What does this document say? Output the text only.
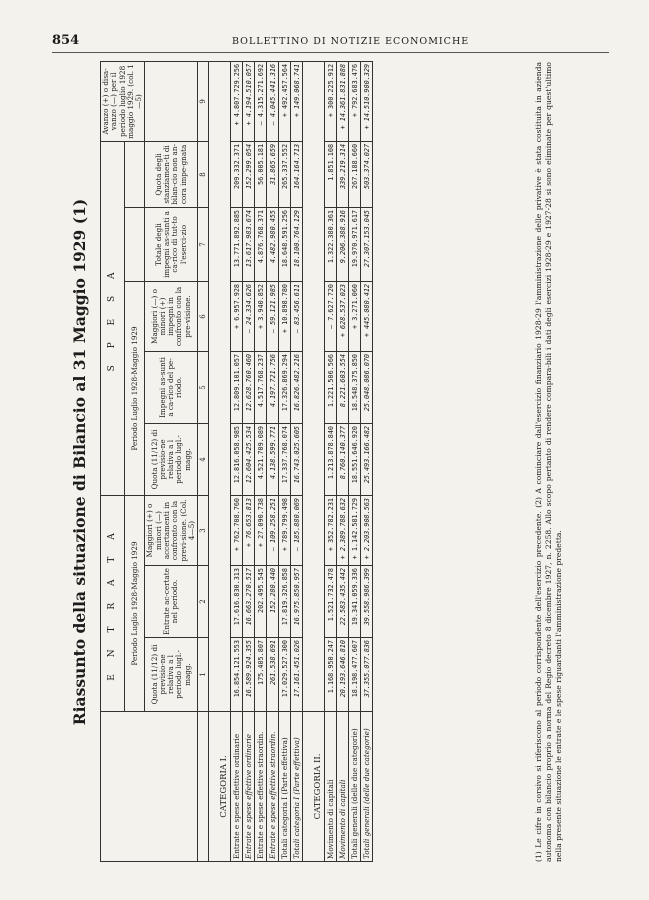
854	BOLLETTINO DI NOTIZIE ECONOMICHE
Riassunto della situazione di Bilancio al 31 Maggio 1929 (1)
	E N T R A T A			S P E S A					Avanzo (+) o disa-vanzo (—) per il periodo luglio 1928 maggio 1929. (col. 1—5)
	Periodo Luglio 1928-Maggio 1929			Periodo Luglio 1928-Maggio 1929					
	Quota (11/12) di previsio-ne relativa a l periodo lugl.-magg.	Entrate ac-certate nel periodo.	Maggiori (+) o minori (—) accertamenti in confronto con la previ-sione. (Col. 4—5)	Quota (11/12) di previsio-ne relativa a l periodo lugl.-magg.	Impegni as-sunti a ca-rico del pe-riodo.	Maggiori (—) o minori (+) impegni in confronto con la pre-visione.	Totale degli impegni as-sunti a ca-rico di tut-to l'eserci-zio	Quota degli stanziamen-ti di bilan-cio non an-cora impe-gnata	
	1	2	3	4	5	6	7	8	9
CATEGORIA I.									
Entrate e spese effettive ordinarie	16.854.121.553	17.616.830.313	+ 762.708.760	12.816.058.985	12.809.101.057	+ 6.957.928	13.771.892.885	209.332.371	+ 4.807.729.256
Entrate e spese effettive ordinarie	16.589.924.355	16.663.270.517	+ 76.653.813	12.604.425.534	12.628.760.460	— 24.334.626	13.617.983.674	152.299.054	+ 4.194.510.057
Entrate e spese effettive straordin.	175.405.807	202.495.545	+ 27.090.738	4.521.709.089	4.517.768.237	+ 3.940.852	4.876.768.371	56.005.181	— 4.315.271.692
Entrate e spese effettive straordin.	261.538.691	152.280.440	— 109.258.251	4.138.599.771	4.197.721.756	— 59.121.985	4.482.980.455	31.865.659	— 4.045.441.316
Totali categoria I (Parte effettiva)	17.029.527.300	17.819.326.858	+ 789.799.498	17.337.768.074	17.326.869.294	+ 10.898.780	18.648.591.256	265.337.552	+ 492.457.564
Totali categoria I (Parte effettiva)	17.161.451.026	16.975.850.957	— 185.880.069	16.743.025.605	16.826.482.216	— 83.456.611	18.100.764.129	164.164.713	+ 149.068.741
CATEGORIA II.									
Movimento di capitali	1.168.950.247	1.521.732.478	+ 352.782.231	1.213.878.840	1.221.506.566	— 7.627.720	1.322.380.361	1.851.108	+ 300.225.912
Movimento di capitali	20.193.646.810	22.583.435.442	+ 2.389.788.632	8.760.140.377	8.221.603.554	+ 628.537.023	9.206.388.916	339.219.314	+ 14.361.831.888
Totali generali (delle due categorie)	18.198.477.607	19.341.059.336	+ 1.142.581.729	18.551.646.920	18.548.375.850	+ 3.271.060	19.970.971.617	267.188.660	+ 792.683.476
Totali generali (delle due categorie)	37.355.077.836	39.558.986.399	+ 2.203.908.563	25.493.166.482	25.048.086.070	+ 445.080.412	27.307.153.045	503.374.027	+ 14.510.900.329	(1) Le cifre in corsivo si riferiscono al periodo corrispondente dell'esercizio precedente. (2) A cominciare dall'esercizio finanziario 1928-29 l'amministrazione delle privative è stata costituita in azienda autonoma con bilancio proprio a norma del Regio decreto 8 dicembre 1927, n. 2258. Allo scopo pertanto di rendere compara-bili i dati degli esercizi 1928-29 e 1927-28 si sono eliminate per quest'ultimo nella presente situazione le entrate e le spese riguardanti l'amministrazione predetta.
